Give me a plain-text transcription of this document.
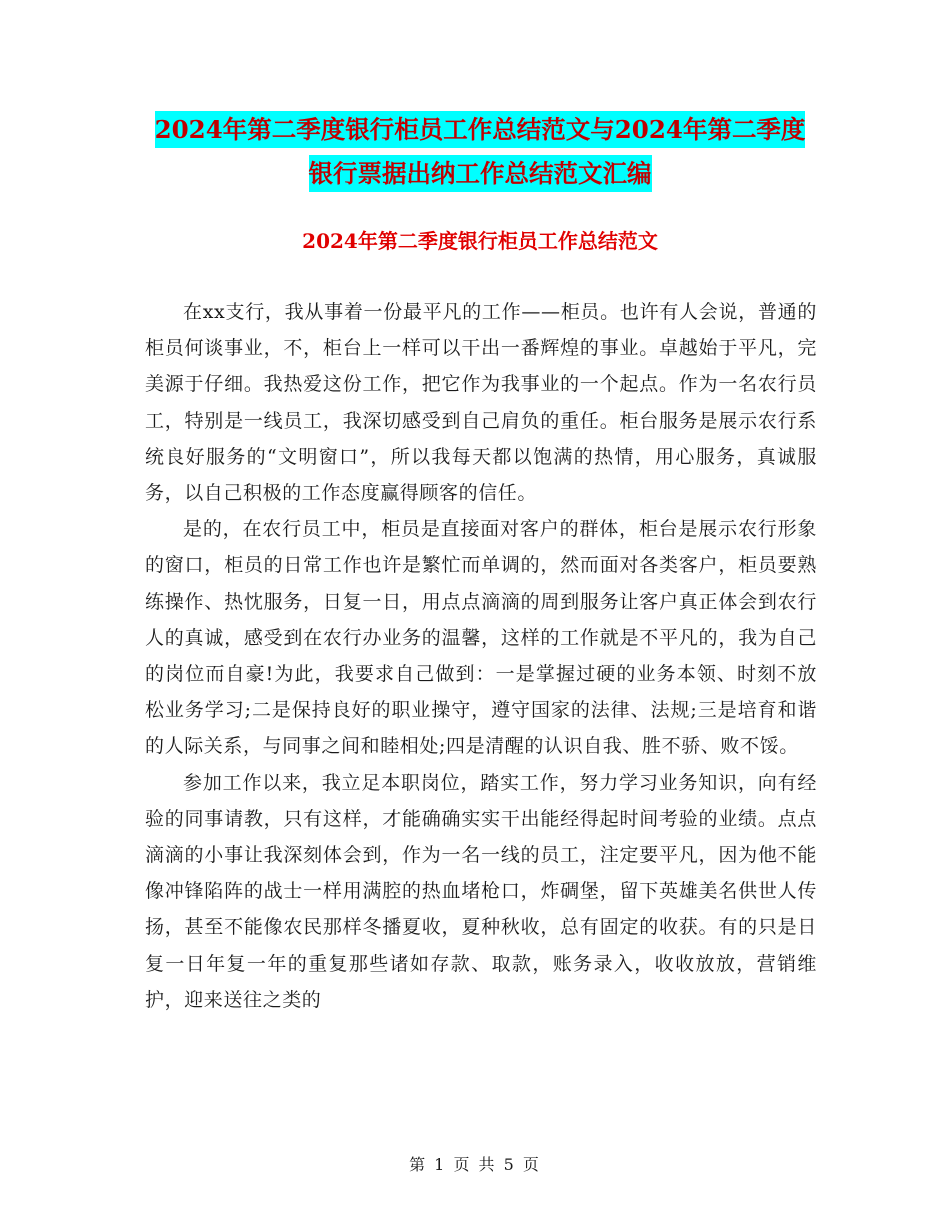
2024年第二季度银行柜员工作总结范文与2024年第二季度银行票据出纳工作总结范文汇编
2024年第二季度银行柜员工作总结范文

在xx支行，我从事着一份最平凡的工作——柜员。也许有人会说，普通的柜员何谈事业，不，柜台上一样可以干出一番辉煌的事业。卓越始于平凡，完美源于仔细。我热爱这份工作，把它作为我事业的一个起点。作为一名农行员工，特别是一线员工，我深切感受到自己肩负的重任。柜台服务是展示农行系统良好服务的“文明窗口”，所以我每天都以饱满的热情，用心服务，真诚服务，以自己积极的工作态度赢得顾客的信任。

是的，在农行员工中，柜员是直接面对客户的群体，柜台是展示农行形象的窗口，柜员的日常工作也许是繁忙而单调的，然而面对各类客户，柜员要熟练操作、热忱服务，日复一日，用点点滴滴的周到服务让客户真正体会到农行人的真诚，感受到在农行办业务的温馨，这样的工作就是不平凡的，我为自己的岗位而自豪!为此，我要求自己做到：一是掌握过硬的业务本领、时刻不放松业务学习;二是保持良好的职业操守，遵守国家的法律、法规;三是培育和谐的人际关系，与同事之间和睦相处;四是清醒的认识自我、胜不骄、败不馁。

参加工作以来，我立足本职岗位，踏实工作，努力学习业务知识，向有经验的同事请教，只有这样，才能确确实实干出能经得起时间考验的业绩。点点滴滴的小事让我深刻体会到，作为一名一线的员工，注定要平凡，因为他不能像冲锋陷阵的战士一样用满腔的热血堵枪口，炸碉堡，留下英雄美名供世人传扬，甚至不能像农民那样冬播夏收，夏种秋收，总有固定的收获。有的只是日复一日年复一年的重复那些诸如存款、取款，账务录入，收收放放，营销维护，迎来送往之类的

第 1 页 共 5 页
